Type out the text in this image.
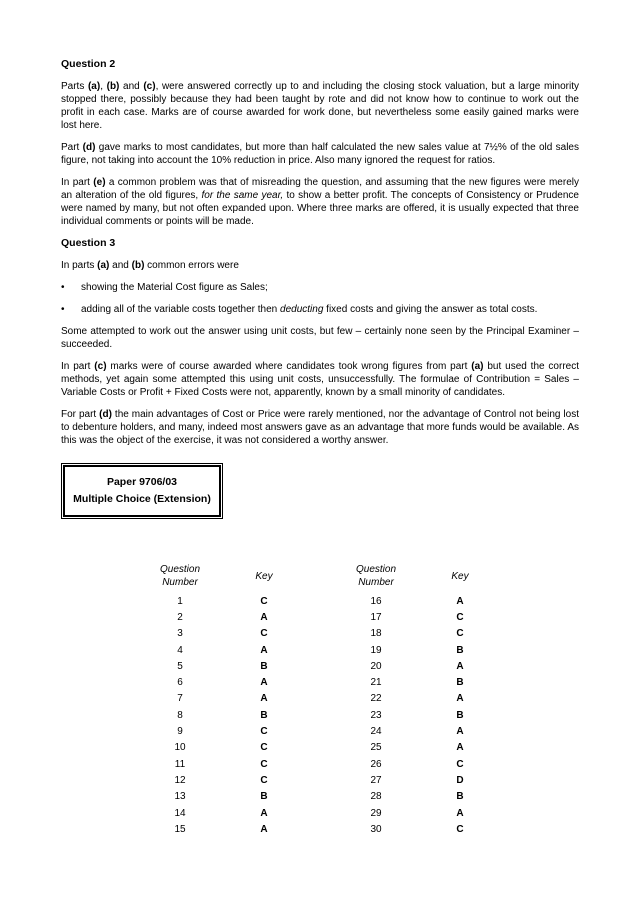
Question 2

Parts (a), (b) and (c), were answered correctly up to and including the closing stock valuation, but a large minority stopped there, possibly because they had been taught by rote and did not know how to continue to work out the profit in each case. Marks are of course awarded for work done, but nevertheless some easily gained marks were lost here.

Part (d) gave marks to most candidates, but more than half calculated the new sales value at 7½% of the old sales figure, not taking into account the 10% reduction in price. Also many ignored the request for ratios.

In part (e) a common problem was that of misreading the question, and assuming that the new figures were merely an alteration of the old figures, for the same year, to show a better profit. The concepts of Consistency or Prudence were named by many, but not often expanded upon. Where three marks are offered, it is usually expected that three individual comments or points will be made.

Question 3

In parts (a) and (b) common errors were

• showing the Material Cost figure as Sales;
• adding all of the variable costs together then deducting fixed costs and giving the answer as total costs.

Some attempted to work out the answer using unit costs, but few – certainly none seen by the Principal Examiner – succeeded.

In part (c) marks were of course awarded where candidates took wrong figures from part (a) but used the correct methods, yet again some attempted this using unit costs, unsuccessfully. The formulae of Contribution = Sales – Variable Costs or Profit + Fixed Costs were not, apparently, known by a small minority of candidates.

For part (d) the main advantages of Cost or Price were rarely mentioned, nor the advantage of Control not being lost to debenture holders, and many, indeed most answers gave as an advantage that more funds would be available. As this was the object of the exercise, it was not considered a worthy answer.

Paper 9706/03
Multiple Choice (Extension)
Question
Number		Key
1		C
2		A
3		C
4		A
5		B
6		A
7		A
8		B
9		C
10		C
11		C
12		C
13		B
14		A
15		A
Question
Number		Key
16		A
17		C
18		C
19		B
20		A
21		B
22		A
23		B
24		A
25		A
26		C
27		D
28		B
29		A
30		C
